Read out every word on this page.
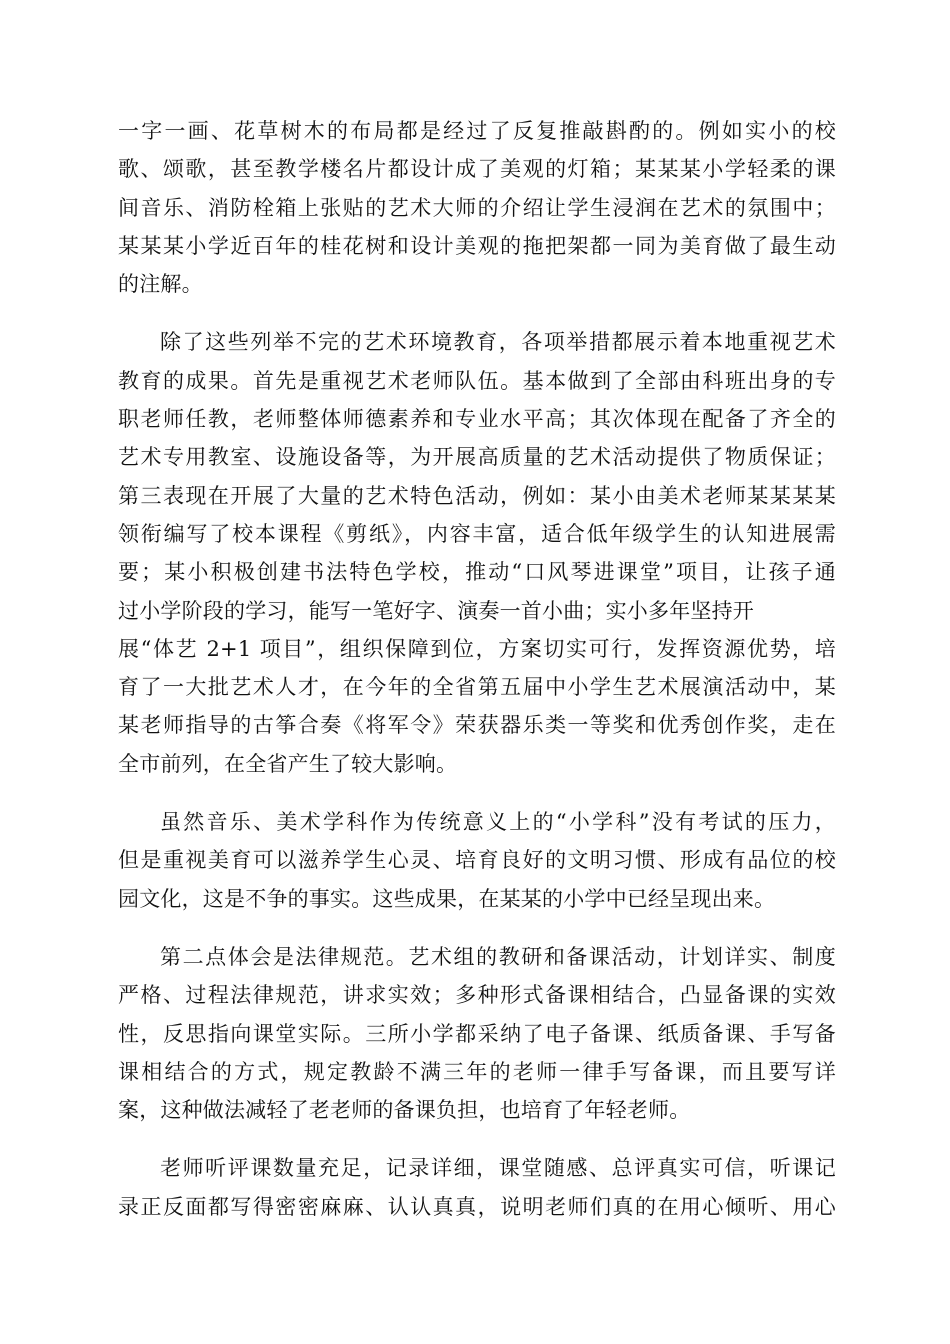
一字一画、花草树木的布局都是经过了反复推敲斟酌的。例如实小的校
歌、颂歌，甚至教学楼名片都设计成了美观的灯箱；某某某小学轻柔的课
间音乐、消防栓箱上张贴的艺术大师的介绍让学生浸润在艺术的氛围中；
某某某小学近百年的桂花树和设计美观的拖把架都一同为美育做了最生动
的注解。
除了这些列举不完的艺术环境教育，各项举措都展示着本地重视艺术
教育的成果。首先是重视艺术老师队伍。基本做到了全部由科班出身的专
职老师任教，老师整体师德素养和专业水平高；其次体现在配备了齐全的
艺术专用教室、设施设备等，为开展高质量的艺术活动提供了物质保证；
第三表现在开展了大量的艺术特色活动，例如：某小由美术老师某某某某
领衔编写了校本课程《剪纸》，内容丰富，适合低年级学生的认知进展需
要；某小积极创建书法特色学校，推动“口风琴进课堂”项目，让孩子通
过小学阶段的学习，能写一笔好字、演奏一首小曲；实小多年坚持开
展“体艺 2+1 项目”，组织保障到位，方案切实可行，发挥资源优势，培
育了一大批艺术人才，在今年的全省第五届中小学生艺术展演活动中，某
某老师指导的古筝合奏《将军令》荣获器乐类一等奖和优秀创作奖，走在
全市前列，在全省产生了较大影响。
虽然音乐、美术学科作为传统意义上的“小学科”没有考试的压力，
但是重视美育可以滋养学生心灵、培育良好的文明习惯、形成有品位的校
园文化，这是不争的事实。这些成果，在某某的小学中已经呈现出来。
第二点体会是法律规范。艺术组的教研和备课活动，计划详实、制度
严格、过程法律规范，讲求实效；多种形式备课相结合，凸显备课的实效
性，反思指向课堂实际。三所小学都采纳了电子备课、纸质备课、手写备
课相结合的方式，规定教龄不满三年的老师一律手写备课，而且要写详
案，这种做法减轻了老老师的备课负担，也培育了年轻老师。
老师听评课数量充足，记录详细，课堂随感、总评真实可信，听课记
录正反面都写得密密麻麻、认认真真，说明老师们真的在用心倾听、用心
